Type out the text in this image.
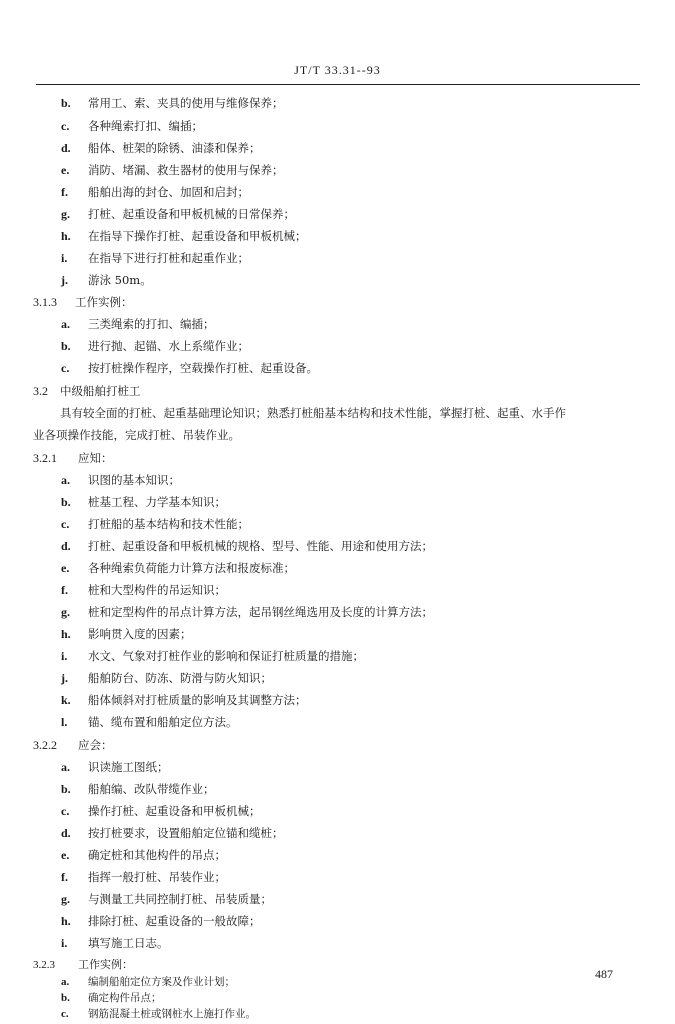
JT/T 33.31--93
b.	常用工、索、夹具的使用与维修保养；
c.	各种绳索打扣、编插；
d.	船体、桩架的除锈、油漆和保养；
e.	消防、堵漏、救生器材的使用与保养；
f.	船舶出海的封仓、加固和启封；
g.	打桩、起重设备和甲板机械的日常保养；
h.	在指导下操作打桩、起重设备和甲板机械；
i.	在指导下进行打桩和起重作业；
j.	游泳 50m。
3.1.3 工作实例：
a.	三类绳索的打扣、编插；
b.	进行抛、起锚、水上系缆作业；
c.	按打桩操作程序，空载操作打桩、起重设备。
3.2 中级船舶打桩工
具有较全面的打桩、起重基础理论知识；熟悉打桩船基本结构和技术性能，掌握打桩、起重、水手作
业各项操作技能，完成打桩、吊装作业。
3.2.1 应知：
a.	识图的基本知识；
b.	桩基工程、力学基本知识；
c.	打桩船的基本结构和技术性能；
d.	打桩、起重设备和甲板机械的规格、型号、性能、用途和使用方法；
e.	各种绳索负荷能力计算方法和报废标准；
f.	桩和大型构件的吊运知识；
g.	桩和定型构件的吊点计算方法，起吊钢丝绳选用及长度的计算方法；
h.	影响贯入度的因素；
i.	水文、气象对打桩作业的影响和保证打桩质量的措施；
j.	船舶防台、防冻、防滑与防火知识；
k.	船体倾斜对打桩质量的影响及其调整方法；
l.	锚、缆布置和船舶定位方法。
3.2.2 应会：
a.	识读施工图纸；
b.	船舶编、改队带缆作业；
c.	操作打桩、起重设备和甲板机械；
d.	按打桩要求，设置船舶定位锚和缆桩；
e.	确定桩和其他构件的吊点；
f.	指挥一般打桩、吊装作业；
g.	与测量工共同控制打桩、吊装质量；
h.	排除打桩、起重设备的一般故障；
i.	填写施工日志。
3.2.3 工作实例：
a.	编制船舶定位方案及作业计划；
b.	确定构件吊点；
c.	钢筋混凝土桩或钢桩水上施打作业。
487
